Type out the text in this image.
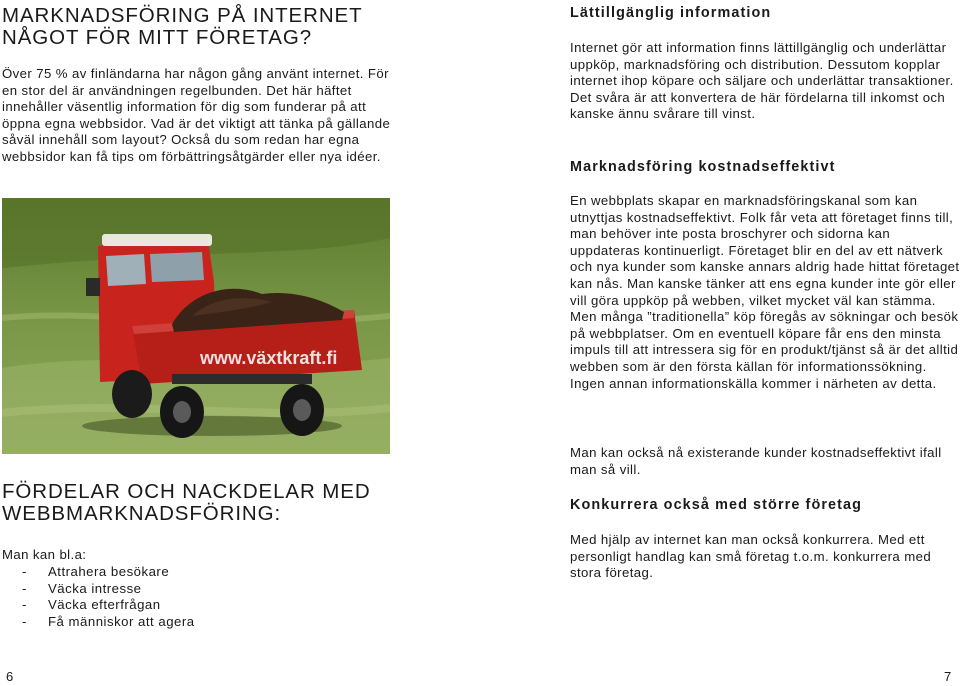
MARKNADSFÖRING PÅ INTERNET NÅGOT FÖR MITT FÖRETAG?

Över 75 % av finländarna har någon gång använt internet. För en stor del är användningen regelbunden. Det här häftet innehåller väsentlig information för dig som funderar på att öppna egna webbsidor. Vad är det viktigt att tänka på gällande såväl innehåll som layout? Också du som redan har egna webbsidor kan få tips om förbättringsåtgärder eller nya idéer.

www.växtkraft.fi
FÖRDELAR OCH NACKDELAR MED WEBBMARKNADSFÖRING:

Man kan bl.a:

- Attrahera besökare
- Väcka intresse
- Väcka efterfrågan
- Få människor att agera
Lättillgänglig information

Internet gör att information finns lättillgänglig och underlättar uppköp, marknadsföring och distribution. Dessutom kopplar internet ihop köpare och säljare och underlättar transaktioner. Det svåra är att konvertera de här fördelarna till inkomst och kanske ännu svårare till vinst.

Marknadsföring kostnadseffektivt

En webbplats skapar en marknadsföringskanal som kan utnyttjas kostnadseffektivt. Folk får veta att företaget finns till, man behöver inte posta broschyrer och sidorna kan uppdateras kontinuerligt. Företaget blir en del av ett nätverk och nya kunder som kanske annars aldrig hade hittat företaget kan nås. Man kanske tänker att ens egna kunder inte gör eller vill göra uppköp på webben, vilket mycket väl kan stämma. Men många ”traditionella” köp föregås av sökningar och besök på webbplatser. Om en eventuell köpare får ens den minsta impuls till att intressera sig för en produkt/tjänst så är det alltid webben som är den första källan för informationssökning. Ingen annan informationskälla kommer i närheten av detta.

Man kan också nå existerande kunder kostnadseffektivt ifall man så vill.

Konkurrera också med större företag

Med hjälp av internet kan man också konkurrera. Med ett personligt handlag kan små företag t.o.m. konkurrera med stora företag.

6	7
